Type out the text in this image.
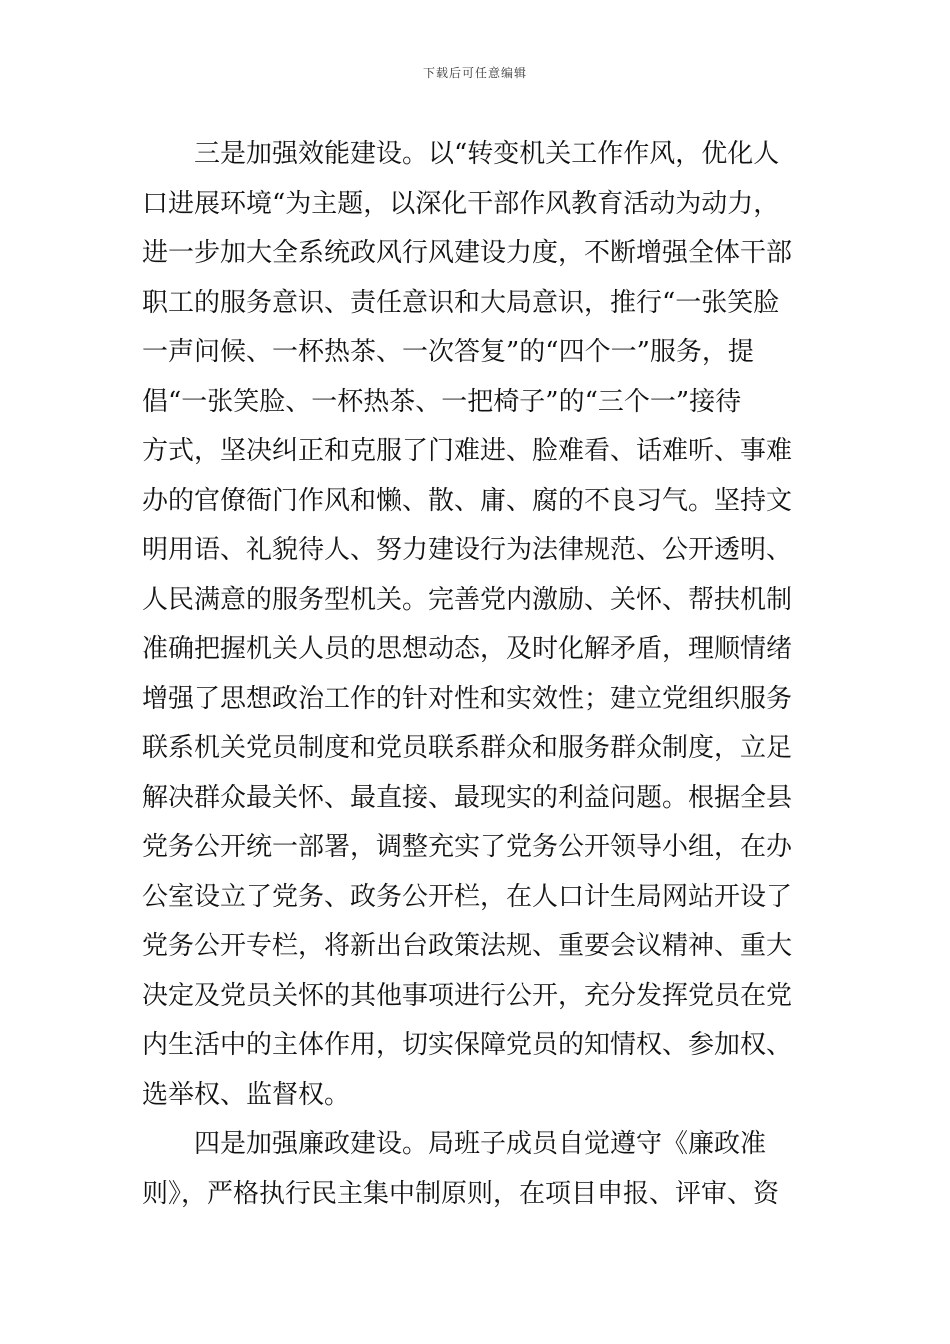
下载后可任意编辑
三是加强效能建设。以“转变机关工作作风，优化人
口进展环境“为主题，以深化干部作风教育活动为动力，
进一步加大全系统政风行风建设力度，不断增强全体干部
职工的服务意识、责任意识和大局意识，推行“一张笑脸
一声问候、一杯热茶、一次答复”的“四个一”服务，提
倡“一张笑脸、一杯热茶、一把椅子”的“三个一”接待
方式，坚决纠正和克服了门难进、脸难看、话难听、事难
办的官僚衙门作风和懒、散、庸、腐的不良习气。坚持文
明用语、礼貌待人、努力建设行为法律规范、公开透明、
人民满意的服务型机关。完善党内激励、关怀、帮扶机制
准确把握机关人员的思想动态，及时化解矛盾，理顺情绪
增强了思想政治工作的针对性和实效性；建立党组织服务
联系机关党员制度和党员联系群众和服务群众制度，立足
解决群众最关怀、最直接、最现实的利益问题。根据全县
党务公开统一部署，调整充实了党务公开领导小组，在办
公室设立了党务、政务公开栏，在人口计生局网站开设了
党务公开专栏，将新出台政策法规、重要会议精神、重大
决定及党员关怀的其他事项进行公开，充分发挥党员在党
内生活中的主体作用，切实保障党员的知情权、参加权、
选举权、监督权。
四是加强廉政建设。局班子成员自觉遵守《廉政准
则》，严格执行民主集中制原则，在项目申报、评审、资
